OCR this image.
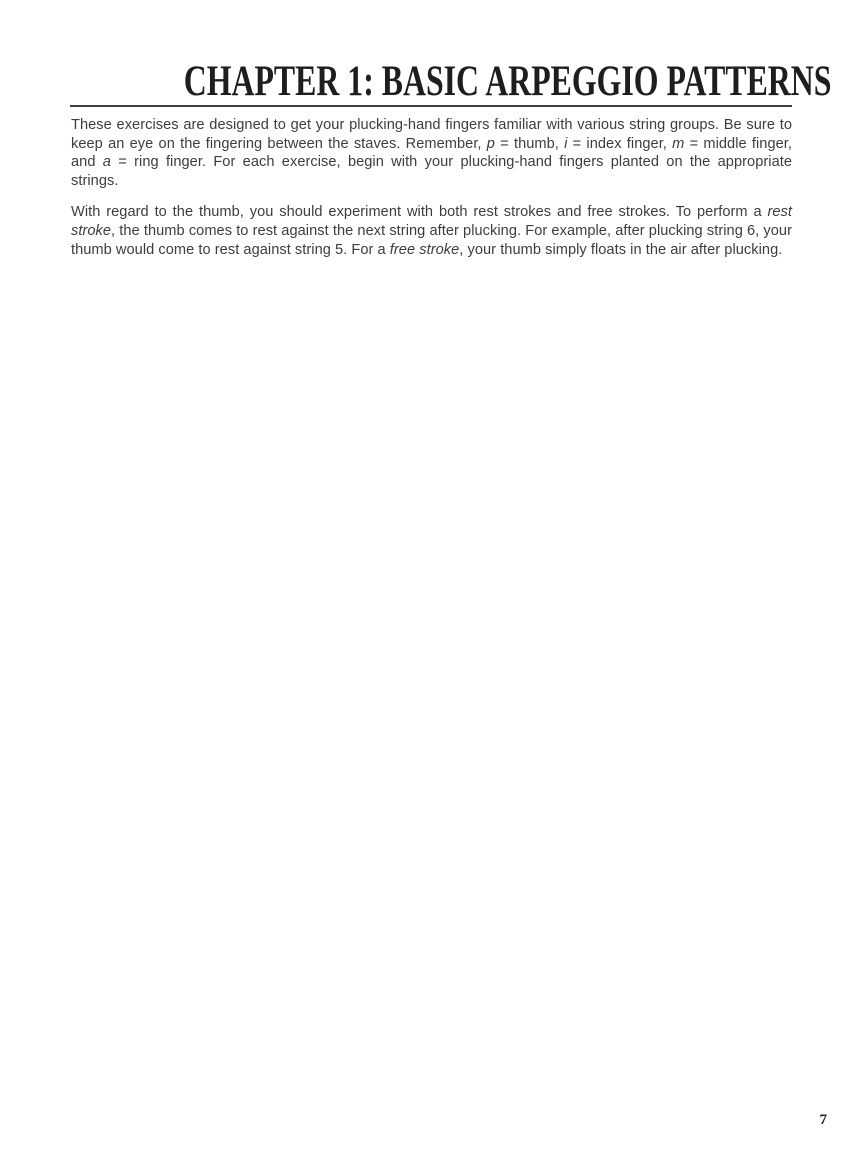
CHAPTER 1: BASIC ARPEGGIO PATTERNS

These exercises are designed to get your plucking-hand fingers familiar with various string groups. Be sure to keep an eye on the fingering between the staves. Remember, p = thumb, i = index finger, m = middle finger, and a = ring finger. For each exercise, begin with your plucking-hand fingers planted on the appropriate strings.

With regard to the thumb, you should experiment with both rest strokes and free strokes. To perform a rest stroke, the thumb comes to rest against the next string after plucking. For example, after plucking string 6, your thumb would come to rest against string 5. For a free stroke, your thumb simply floats in the air after plucking.

7
